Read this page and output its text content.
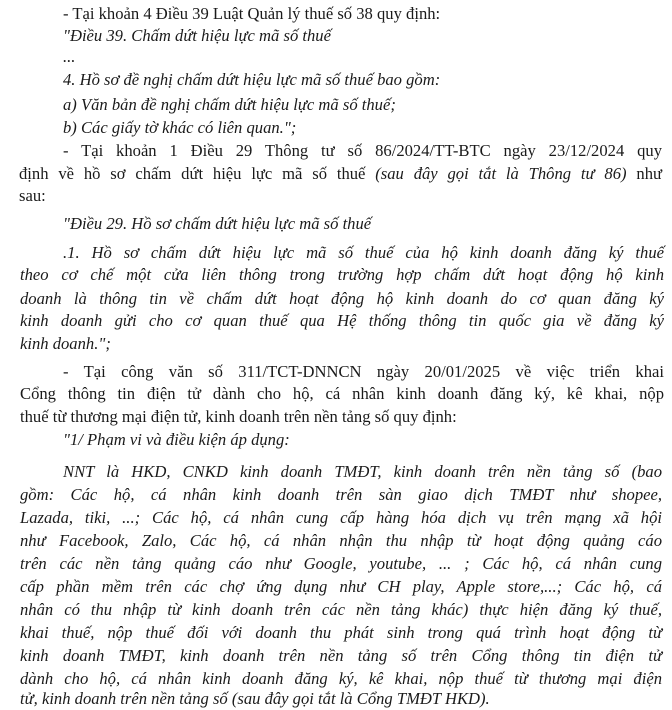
- Tại khoản 4 Điều 39 Luật Quản lý thuế số 38 quy định:
"Điều 39. Chấm dứt hiệu lực mã số thuế
...
4. Hồ sơ đề nghị chấm dứt hiệu lực mã số thuế bao gồm:
a) Văn bản đề nghị chấm dứt hiệu lực mã số thuế;
b) Các giấy tờ khác có liên quan.";
- Tại khoản 1 Điều 29 Thông tư số 86/2024/TT-BTC ngày 23/12/2024 quy
định về hồ sơ chấm dứt hiệu lực mã số thuế (sau đây gọi tắt là Thông tư 86) như
sau:
"Điều 29. Hồ sơ chấm dứt hiệu lực mã số thuế
.1. Hồ sơ chấm dứt hiệu lực mã số thuế của hộ kinh doanh đăng ký thuế
theo cơ chế một cửa liên thông trong trường hợp chấm dứt hoạt động hộ kinh
doanh là thông tin về chấm dứt hoạt động hộ kinh doanh do cơ quan đăng ký
kinh doanh gửi cho cơ quan thuế qua Hệ thống thông tin quốc gia về đăng ký
kinh doanh.";
- Tại công văn số 311/TCT-DNNCN ngày 20/01/2025 về việc triển khai
Cổng thông tin điện tử dành cho hộ, cá nhân kinh doanh đăng ký, kê khai, nộp
thuế từ thương mại điện tử, kinh doanh trên nền tảng số quy định:
"1/ Phạm vi và điều kiện áp dụng:
NNT là HKD, CNKD kinh doanh TMĐT, kinh doanh trên nền tảng số (bao
gồm: Các hộ, cá nhân kinh doanh trên sàn giao dịch TMĐT như shopee,
Lazada, tiki, ...; Các hộ, cá nhân cung cấp hàng hóa dịch vụ trên mạng xã hội
như Facebook, Zalo, Các hộ, cá nhân nhận thu nhập từ hoạt động quảng cáo
trên các nền tảng quảng cáo như Google, youtube, ... ; Các hộ, cá nhân cung
cấp phần mềm trên các chợ ứng dụng như CH play, Apple store,...; Các hộ, cá
nhân có thu nhập từ kinh doanh trên các nền tảng khác) thực hiện đăng ký thuế,
khai thuế, nộp thuế đối với doanh thu phát sinh trong quá trình hoạt động từ
kinh doanh TMĐT, kinh doanh trên nền tảng số trên Cổng thông tin điện tử
dành cho hộ, cá nhân kinh doanh đăng ký, kê khai, nộp thuế từ thương mại điện
tử, kinh doanh trên nền tảng số (sau đây gọi tắt là Cổng TMĐT HKD).
